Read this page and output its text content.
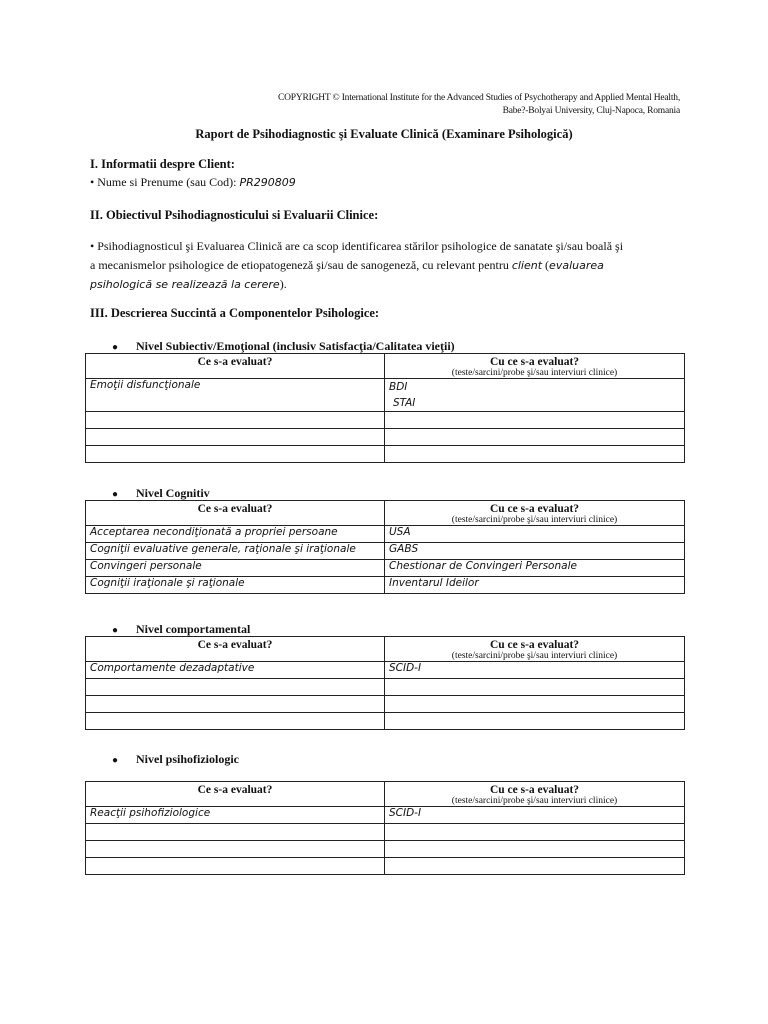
COPYRIGHT © International Institute for the Advanced Studies of Psychotherapy and Applied Mental Health,
Babe?-Bolyai University, Cluj-Napoca, Romania
Raport de Psihodiagnostic şi Evaluate Clinică (Examinare Psihologică)
I. Informatii despre Client:
• Nume si Prenume (sau Cod): PR290809
II. Obiectivul Psihodiagnosticului si Evaluarii Clinice:
• Psihodiagnosticul şi Evaluarea Clinică are ca scop identificarea stărilor psihologice de sanatate şi/sau boală şi
a mecanismelor psihologice de etiopatogeneză şi/sau de sanogeneză, cu relevant pentru client (evaluarea
psihologică se realizează la cerere).
III. Descrierea Succintă a Componentelor Psihologice:
● Nivel Subiectiv/Emoţional (inclusiv Satisfacţia/Calitatea vieţii)
Ce s-a evaluat?	Cu ce s-a evaluat?
(teste/sarcini/probe şi/sau interviuri clinice)

Emoţii disfuncţionale	BDI
STAI

● Nivel Cognitiv
Ce s-a evaluat?	Cu ce s-a evaluat?
(teste/sarcini/probe şi/sau interviuri clinice)

Acceptarea necondiţionată a propriei persoane	USA
Cogniţii evaluative generale, raţionale şi iraţionale	GABS
Convingeri personale	Chestionar de Convingeri Personale
Cogniţii iraţionale şi raţionale	Inventarul Ideilor
● Nivel comportamental
Ce s-a evaluat?	Cu ce s-a evaluat?
(teste/sarcini/probe şi/sau interviuri clinice)

Comportamente dezadaptative	SCID-I

● Nivel psihofiziologic
Ce s-a evaluat?	Cu ce s-a evaluat?
(teste/sarcini/probe şi/sau interviuri clinice)

Reacţii psihofiziologice	SCID-I
